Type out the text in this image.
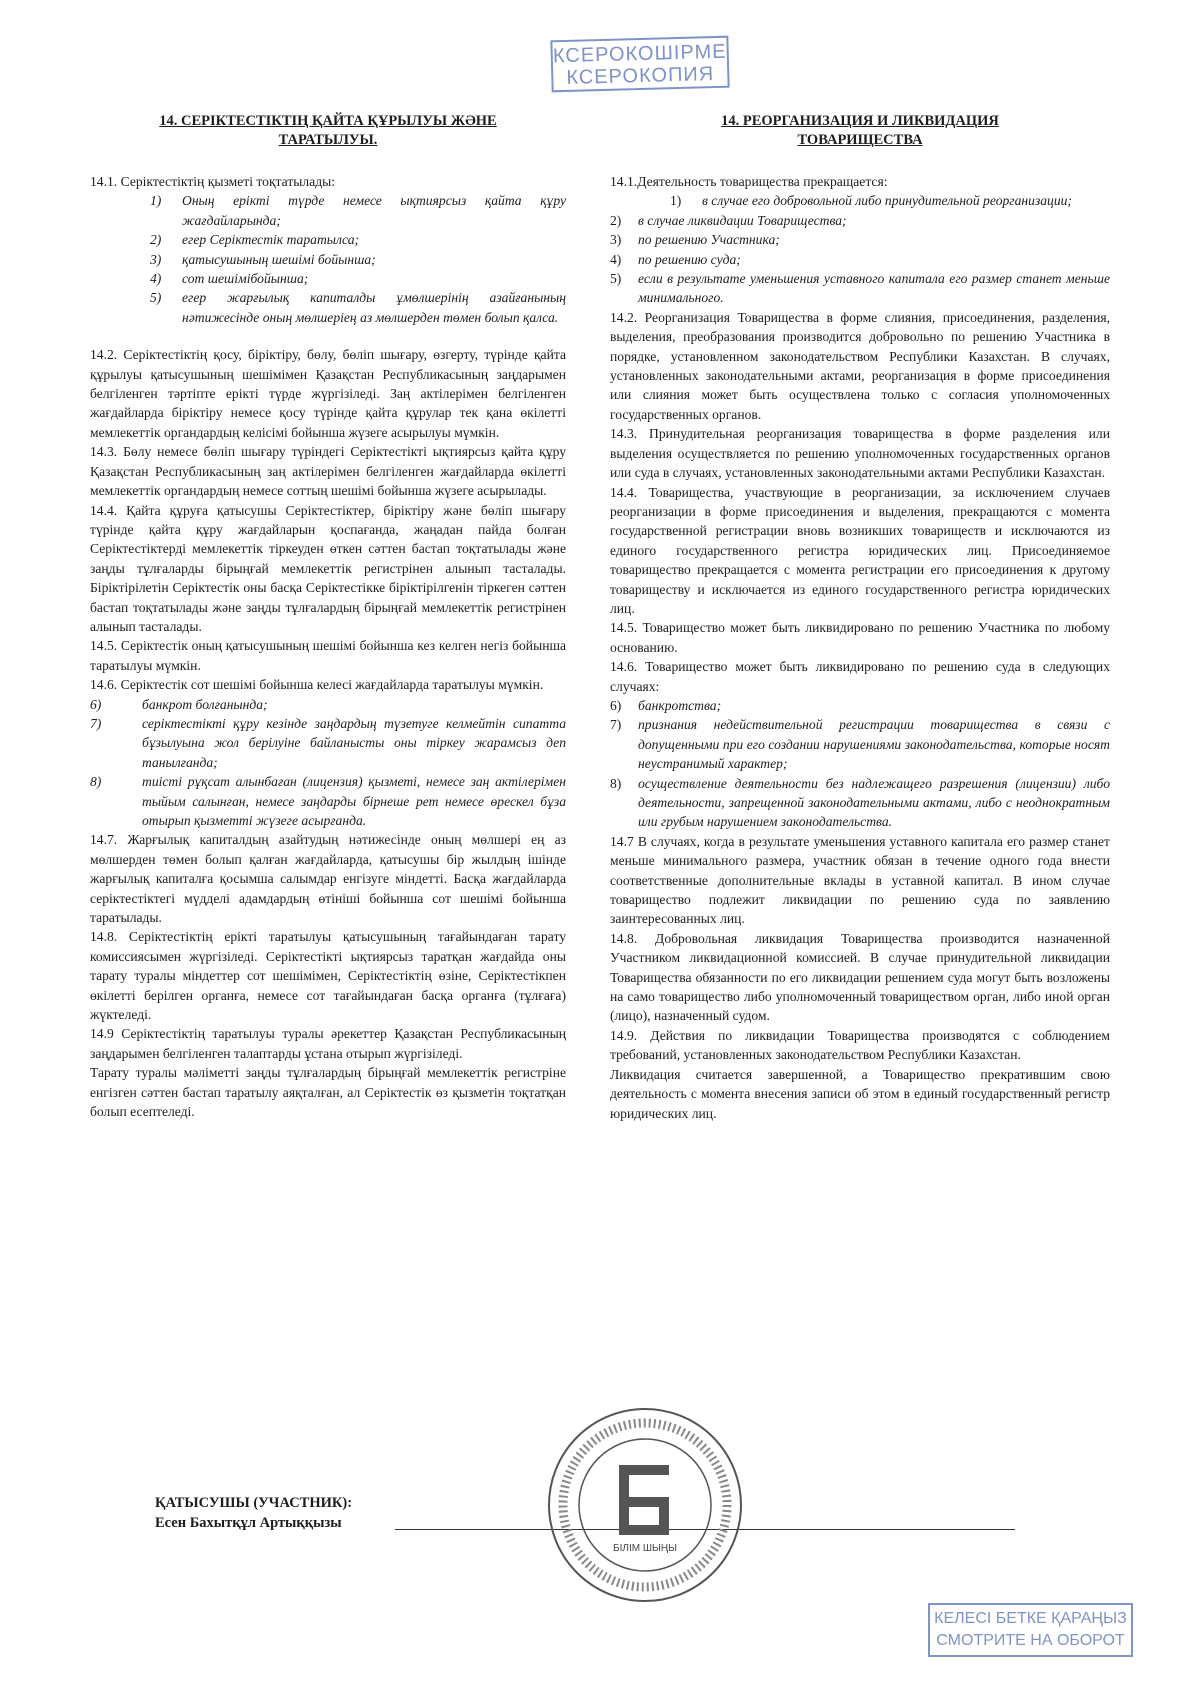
КСЕРОКОШІРМЕ
КСЕРОКОПИЯ
14. СЕРІКТЕСТІКТІҢ ҚАЙТА ҚҰРЫЛУЫ ЖӘНЕ
ТАРАТЫЛУЫ.

14.1. Серіктестіктің қызметі тоқтатылады:

1)	Оның ерікті түрде немесе ықтиярсыз қайта құру жағдайларында;
2)	егер Серіктестік таратылса;
3)	қатысушының шешімі бойынша;
4)	сот шешімібойынша;
5)	егер жарғылық капиталды ұмөлшерінің азайғанының нәтижесінде оның мөлшеріең аз мөлшерден төмен болып қалса.

14.2. Серіктестіктің қосу, біріктіру, бөлу, бөліп шығару, өзгерту, түрінде қайта құрылуы қатысушының шешімімен Қазақстан Республикасының заңдарымен белгіленген тәртіпте ерікті түрде жүргізіледі. Заң актілерімен белгіленген жағдайларда біріктіру немесе қосу түрінде қайта құрулар тек қана өкілетті мемлекеттік органдардың келісімі бойынша жүзеге асырылуы мүмкін.

14.3. Бөлу немесе бөліп шығару түріндегі Серіктестікті ықтиярсыз қайта құру Қазақстан Республикасының заң актілерімен белгіленген жағдайларда өкілетті мемлекеттік органдардың немесе соттың шешімі бойынша жүзеге асырылады.

14.4. Қайта құруға қатысушы Серіктестіктер, біріктіру және бөліп шығару түрінде қайта құру жағдайларын қоспағанда, жаңадан пайда болған Серіктестіктерді мемлекеттік тіркеуден өткен сәттен бастап тоқтатылады және заңды тұлғаларды бірыңғай мемлекеттік регистрінен алынып тасталады. Біріктірілетін Серіктестік оны басқа Серіктестікке біріктірілгенін тіркеген сәттен бастап тоқтатылады және заңды тұлғалардың бірыңғай мемлекеттік регистрінен алынып тасталады.

14.5. Серіктестік оның қатысушының шешімі бойынша кез келген негіз бойынша таратылуы мүмкін.

14.6. Серіктестік сот шешімі бойынша келесі жағдайларда таратылуы мүмкін.

6)	банкрот болғанында;
7)	серіктестікті құру кезінде заңдардың түзетуге келмейтін сипатта бұзылуына жол берілуіне байланысты оны тіркеу жарамсыз деп танылғанда;
8)	тиісті рұқсат алынбаған (лицензия) қызметі, немесе заң актілерімен тыйым салынған, немесе заңдарды бірнеше рет немесе өрескел бұза отырып қызметті жүзеге асырғанда.

14.7. Жарғылық капиталдың азайтудың нәтижесінде оның мөлшері ең аз мөлшерден төмен болып қалған жағдайларда, қатысушы бір жылдың ішінде жарғылық капиталға қосымша салымдар енгізуге міндетті. Басқа жағдайларда серіктестіктегі мүдделі адамдардың өтініші бойынша сот шешімі бойынша таратылады.

14.8. Серіктестіктің ерікті таратылуы қатысушының тағайындаған тарату комиссиясымен жүргізіледі. Серіктестікті ықтиярсыз таратқан жағдайда оны тарату туралы міндеттер сот шешімімен, Серіктестіктің өзіне, Серіктестікпен өкілетті берілген органға, немесе сот тағайындаған басқа органға (тұлғаға) жүктеледі.

14.9 Серіктестіктің таратылуы туралы әрекеттер Қазақстан Республикасының заңдарымен белгіленген талаптарды ұстана отырып жүргізіледі.

Тарату туралы мәліметті заңды тұлғалардың бірыңғай мемлекеттік регистріне енгізген сәттен бастап таратылу аяқталған, ал Серіктестік өз қызметін тоқтатқан болып есептеледі.

14. РЕОРГАНИЗАЦИЯ И ЛИКВИДАЦИЯ
ТОВАРИЩЕСТВА

14.1.Деятельность товарищества прекращается:

1)	в случае его добровольной либо принудительной реорганизации;
2)	в случае ликвидации Товарищества;
3)	по решению Участника;
4)	по решению суда;
5)	если в результате уменьшения уставного капитала его размер станет меньше минимального.

14.2. Реорганизация Товарищества в форме слияния, присоединения, разделения, выделения, преобразования производится добровольно по решению Участника в порядке, установленном законодательством Республики Казахстан. В случаях, установленных законодательными актами, реорганизация в форме присоединения или слияния может быть осуществлена только с согласия уполномоченных государственных органов.

14.3. Принудительная реорганизация товарищества в форме разделения или выделения осуществляется по решению уполномоченных государственных органов или суда в случаях, установленных законодательными актами Республики Казахстан.

14.4. Товарищества, участвующие в реорганизации, за исключением случаев реорганизации в форме присоединения и выделения, прекращаются с момента государственной регистрации вновь возникших товариществ и исключаются из единого государственного регистра юридических лиц. Присоединяемое товарищество прекращается с момента регистрации его присоединения к другому товариществу и исключается из единого государственного регистра юридических лиц.

14.5. Товарищество может быть ликвидировано по решению Участника по любому основанию.

14.6. Товарищество может быть ликвидировано по решению суда в следующих случаях:

6)	банкротства;
7)	признания недействительной регистрации товарищества в связи с допущенными при его создании нарушениями законодательства, которые носят неустранимый характер;
8)	осуществление деятельности без надлежащего разрешения (лицензии) либо деятельности, запрещенной законодательными актами, либо с неоднократным или грубым нарушением законодательства.

14.7 В случаях, когда в результате уменьшения уставного капитала его размер станет меньше минимального размера, участник обязан в течение одного года внести соответственные дополнительные вклады в уставной капитал. В ином случае товарищество подлежит ликвидации по решению суда по заявлению заинтересованных лиц.

14.8. Добровольная ликвидация Товарищества производится назначенной Участником ликвидационной комиссией. В случае принудительной ликвидации Товарищества обязанности по его ликвидации решением суда могут быть возложены на само товарищество либо уполномоченный товариществом орган, либо иной орган (лицо), назначенный судом.

14.9. Действия по ликвидации Товарищества производятся с соблюдением требований, установленных законодательством Республики Казахстан.

Ликвидация считается завершенной, а Товарищество прекратившим свою деятельность с момента внесения записи об этом в единый государственный регистр юридических лиц.

ҚАТЫСУШЫ (УЧАСТНИК):
Есен Бахытқұл Артыққызы
БІЛІМ ШЫҢЫ
КЕЛЕСІ БЕТКЕ ҚАРАҢЫЗ
СМОТРИТЕ НА ОБОРОТ
